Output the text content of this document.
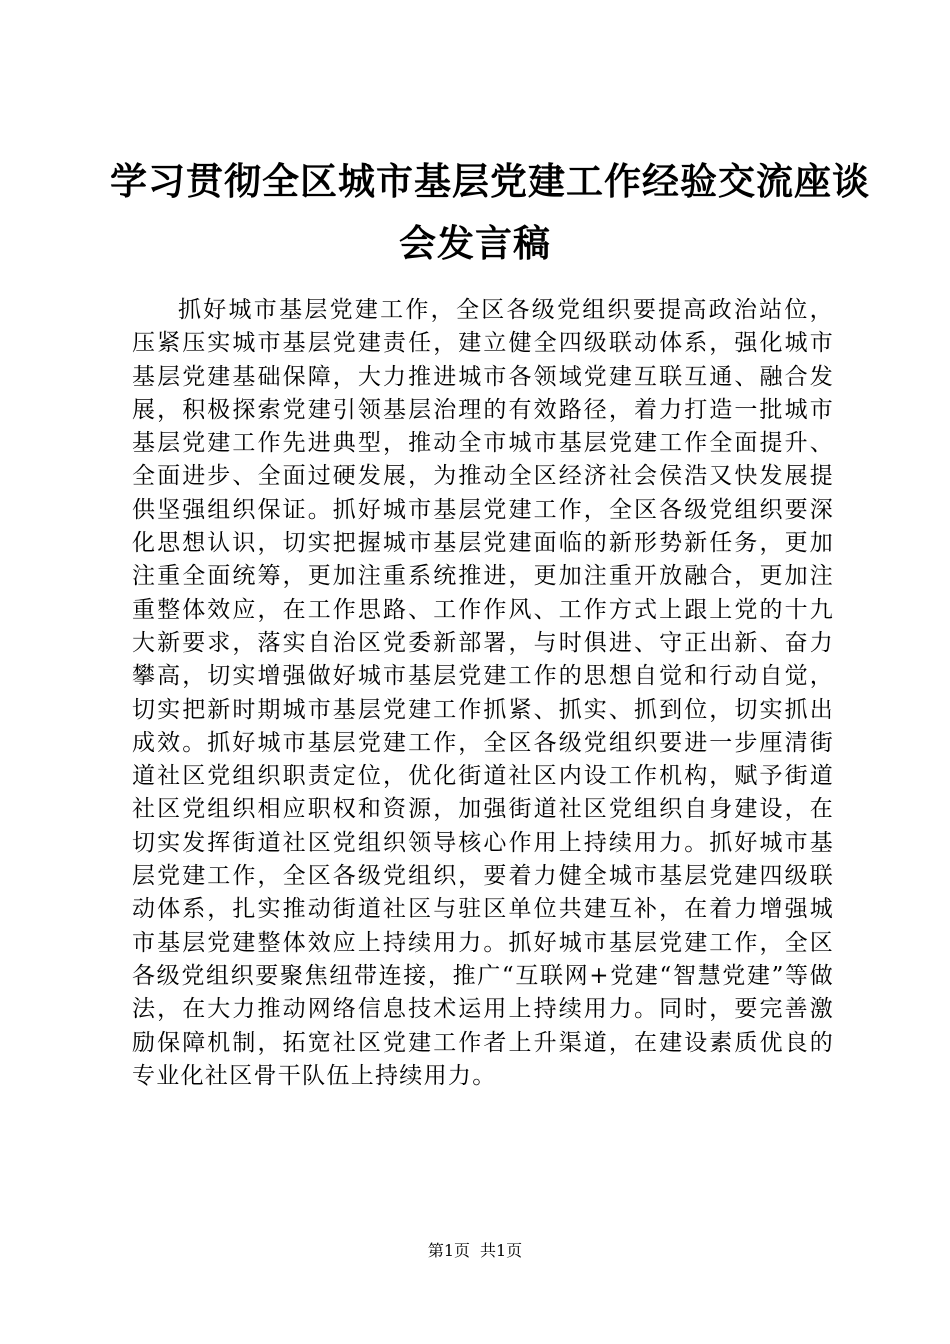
学习贯彻全区城市基层党建工作经验交流座谈
会发言稿

抓好城市基层党建工作，全区各级党组织要提高政治站位，压紧压实城市基层党建责任，建立健全四级联动体系，强化城市基层党建基础保障，大力推进城市各领域党建互联互通、融合发展，积极探索党建引领基层治理的有效路径，着力打造一批城市基层党建工作先进典型，推动全市城市基层党建工作全面提升、全面进步、全面过硬发展，为推动全区经济社会侯浩又快发展提供坚强组织保证。抓好城市基层党建工作，全区各级党组织要深化思想认识，切实把握城市基层党建面临的新形势新任务，更加注重全面统筹，更加注重系统推进，更加注重开放融合，更加注重整体效应，在工作思路、工作作风、工作方式上跟上党的十九大新要求，落实自治区党委新部署，与时俱进、守正出新、奋力攀高，切实增强做好城市基层党建工作的思想自觉和行动自觉，切实把新时期城市基层党建工作抓紧、抓实、抓到位，切实抓出成效。抓好城市基层党建工作，全区各级党组织要进一步厘清街道社区党组织职责定位，优化街道社区内设工作机构，赋予街道社区党组织相应职权和资源，加强街道社区党组织自身建设，在切实发挥街道社区党组织领导核心作用上持续用力。抓好城市基层党建工作，全区各级党组织，要着力健全城市基层党建四级联动体系，扎实推动街道社区与驻区单位共建互补，在着力增强城市基层党建整体效应上持续用力。抓好城市基层党建工作，全区各级党组织要聚焦纽带连接，推广“互联网+党建“智慧党建”等做法，在大力推动网络信息技术运用上持续用力。同时，要完善激励保障机制，拓宽社区党建工作者上升渠道，在建设素质优良的专业化社区骨干队伍上持续用力。

第1页 共1页
